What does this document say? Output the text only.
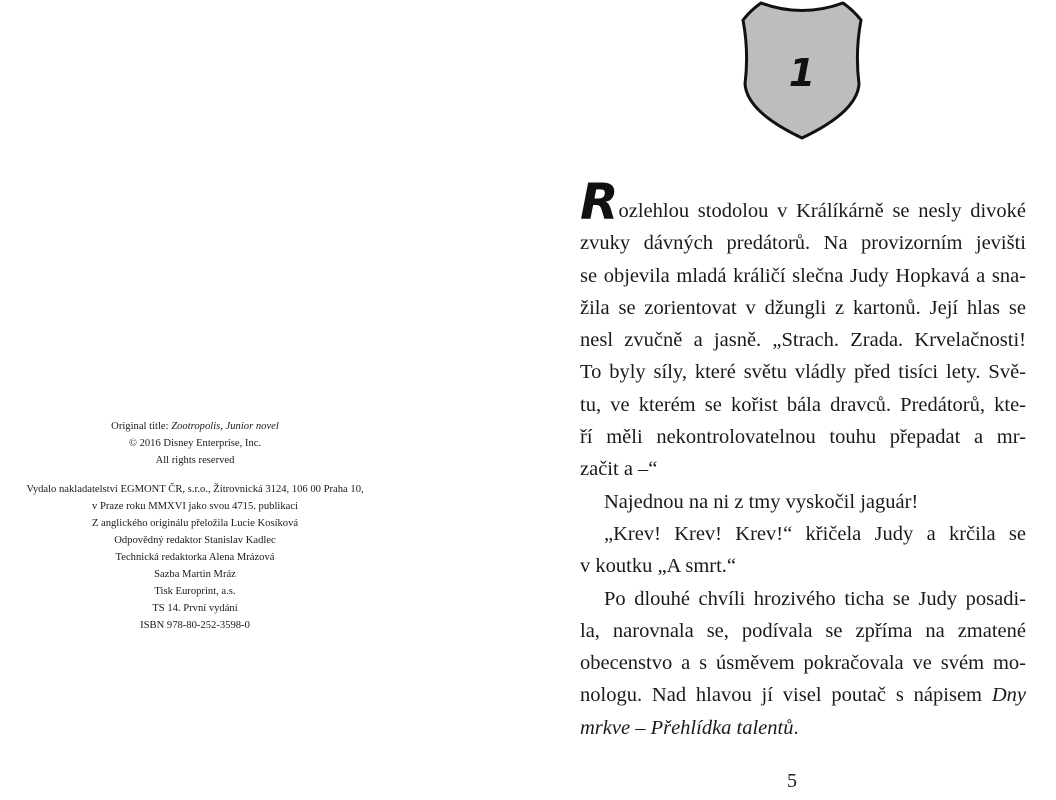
Original title: Zootropolis, Junior novel
© 2016 Disney Enterprise, Inc.
All rights reserved
Vydalo nakladatelství EGMONT ČR, s.r.o., Žitrovnická 3124, 106 00 Praha 10,
v Praze roku MMXVI jako svou 4715. publikaci
Z anglického originálu přeložila Lucie Kosíková
Odpovědný redaktor Stanislav Kadlec
Technická redaktorka Alena Mrázová
Sazba Martin Mráz
Tisk Europrint, a.s.
TS 14. První vydání
ISBN 978-80-252-3598-0
1
Rozlehlou stodolou v Králíkárně se nesly divoké
zvuky dávných predátorů. Na provizorním jevišti
se objevila mladá králičí slečna Judy Hopkavá a sna-
žila se zorientovat v džungli z kartonů. Její hlas se
nesl zvučně a jasně. „Strach. Zrada. Krvelačnosti!
To byly síly, které světu vládly před tisíci lety. Svě-
tu, ve kterém se kořist bála dravců. Predátorů, kte-
ří měli nekontrolovatelnou touhu přepadat a mr-
začit a –“
Najednou na ni z tmy vyskočil jaguár!
„Krev! Krev! Krev!“ křičela Judy a krčila se
v koutku „A smrt.“
Po dlouhé chvíli hrozivého ticha se Judy posadi-
la, narovnala se, podívala se zpříma na zmatené
obecenstvo a s úsměvem pokračovala ve svém mo-
nologu. Nad hlavou jí visel poutač s nápisem Dny
mrkve – Přehlídka talentů.
5
